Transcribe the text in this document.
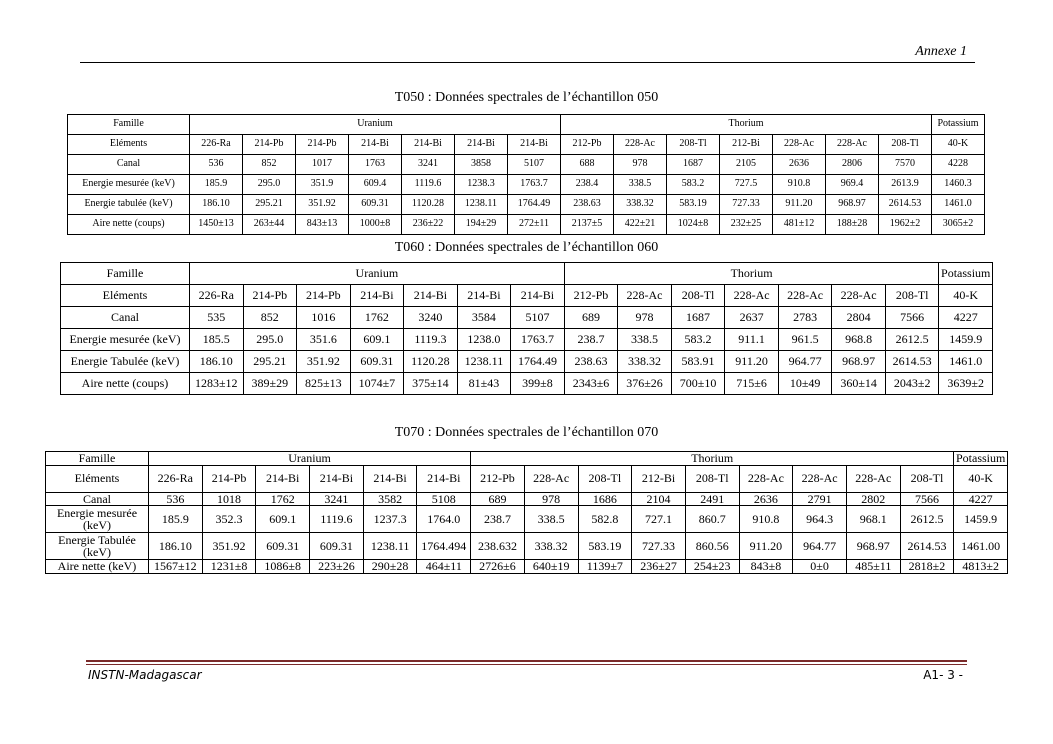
Annexe 1
T050 : Données spectrales de l’échantillon 050
Famille	Uranium							Thorium							Potassium
Eléments	226-Ra	214-Pb	214-Pb	214-Bi	214-Bi	214-Bi	214-Bi	212-Pb	228-Ac	208-Tl	212-Bi	228-Ac	228-Ac	208-Tl	40-K
Canal	536	852	1017	1763	3241	3858	5107	688	978	1687	2105	2636	2806	7570	4228
Energie mesurée (keV)	185.9	295.0	351.9	609.4	1119.6	1238.3	1763.7	238.4	338.5	583.2	727.5	910.8	969.4	2613.9	1460.3
Energie tabulée (keV)	186.10	295.21	351.92	609.31	1120.28	1238.11	1764.49	238.63	338.32	583.19	727.33	911.20	968.97	2614.53	1461.0
Aire nette (coups)	1450±13	263±44	843±13	1000±8	236±22	194±29	272±11	2137±5	422±21	1024±8	232±25	481±12	188±28	1962±2	3065±2
T060 : Données spectrales de l’échantillon 060
Famille	Uranium							Thorium							Potassium
Eléments	226-Ra	214-Pb	214-Pb	214-Bi	214-Bi	214-Bi	214-Bi	212-Pb	228-Ac	208-Tl	228-Ac	228-Ac	228-Ac	208-Tl	40-K
Canal	535	852	1016	1762	3240	3584	5107	689	978	1687	2637	2783	2804	7566	4227
Energie mesurée (keV)	185.5	295.0	351.6	609.1	1119.3	1238.0	1763.7	238.7	338.5	583.2	911.1	961.5	968.8	2612.5	1459.9
Energie Tabulée (keV)	186.10	295.21	351.92	609.31	1120.28	1238.11	1764.49	238.63	338.32	583.91	911.20	964.77	968.97	2614.53	1461.0
Aire nette (coups)	1283±12	389±29	825±13	1074±7	375±14	81±43	399±8	2343±6	376±26	700±10	715±6	10±49	360±14	2043±2	3639±2
T070 : Données spectrales de l’échantillon 070
Famille	Uranium						Thorium									Potassium
Eléments	226-Ra	214-Pb	214-Bi	214-Bi	214-Bi	214-Bi	212-Pb	228-Ac	208-Tl	212-Bi	208-Tl	228-Ac	228-Ac	228-Ac	208-Tl	40-K
Canal	536	1018	1762	3241	3582	5108	689	978	1686	2104	2491	2636	2791	2802	7566	4227
Energie mesurée (keV)	185.9	352.3	609.1	1119.6	1237.3	1764.0	238.7	338.5	582.8	727.1	860.7	910.8	964.3	968.1	2612.5	1459.9
Energie Tabulée (keV)	186.10	351.92	609.31	609.31	1238.11	1764.494	238.632	338.32	583.19	727.33	860.56	911.20	964.77	968.97	2614.53	1461.00
Aire nette (keV)	1567±12	1231±8	1086±8	223±26	290±28	464±11	2726±6	640±19	1139±7	236±27	254±23	843±8	0±0	485±11	2818±2	4813±2
INSTN-Madagascar	A1- 3 -
